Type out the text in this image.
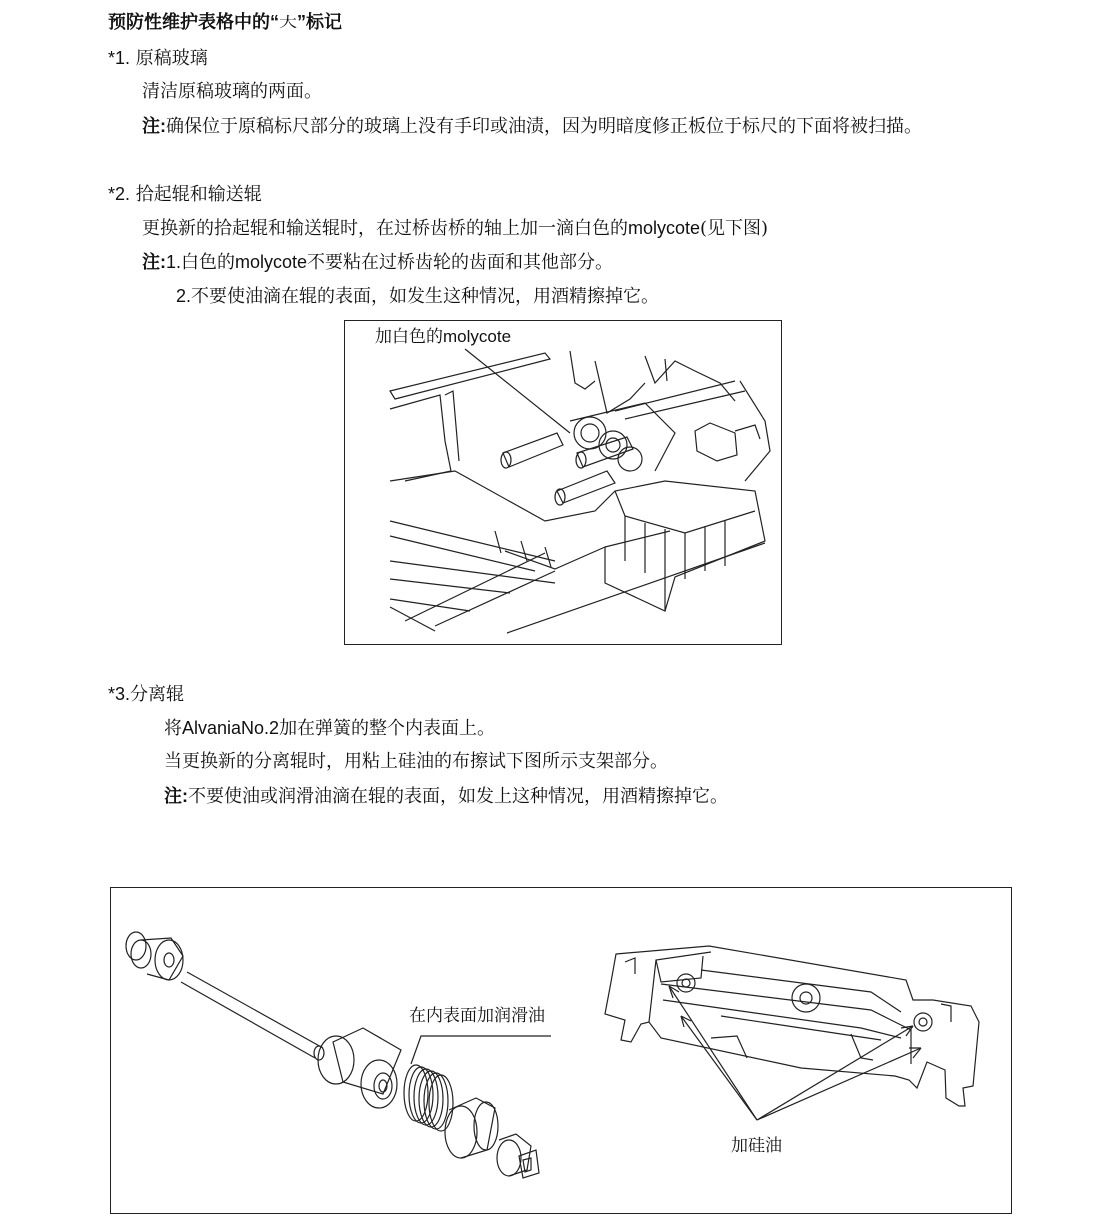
预防性维护表格中的“大”标记
*1. 原稿玻璃
清洁原稿玻璃的两面。
注:确保位于原稿标尺部分的玻璃上没有手印或油渍，因为明暗度修正板位于标尺的下面将被扫描。
*2. 拾起辊和输送辊
更换新的拾起辊和输送辊时，在过桥齿桥的轴上加一滴白色的molycote(见下图)
注:1.白色的molycote不要粘在过桥齿轮的齿面和其他部分。
2.不要使油滴在辊的表面，如发生这种情况，用酒精擦掉它。
加白色的molycote
*3.分离辊
将AlvaniaNo.2加在弹簧的整个内表面上。
当更换新的分离辊时，用粘上硅油的布擦试下图所示支架部分。
注:不要使油或润滑油滴在辊的表面，如发上这种情况，用酒精擦掉它。
在内表面加润滑油
加硅油
